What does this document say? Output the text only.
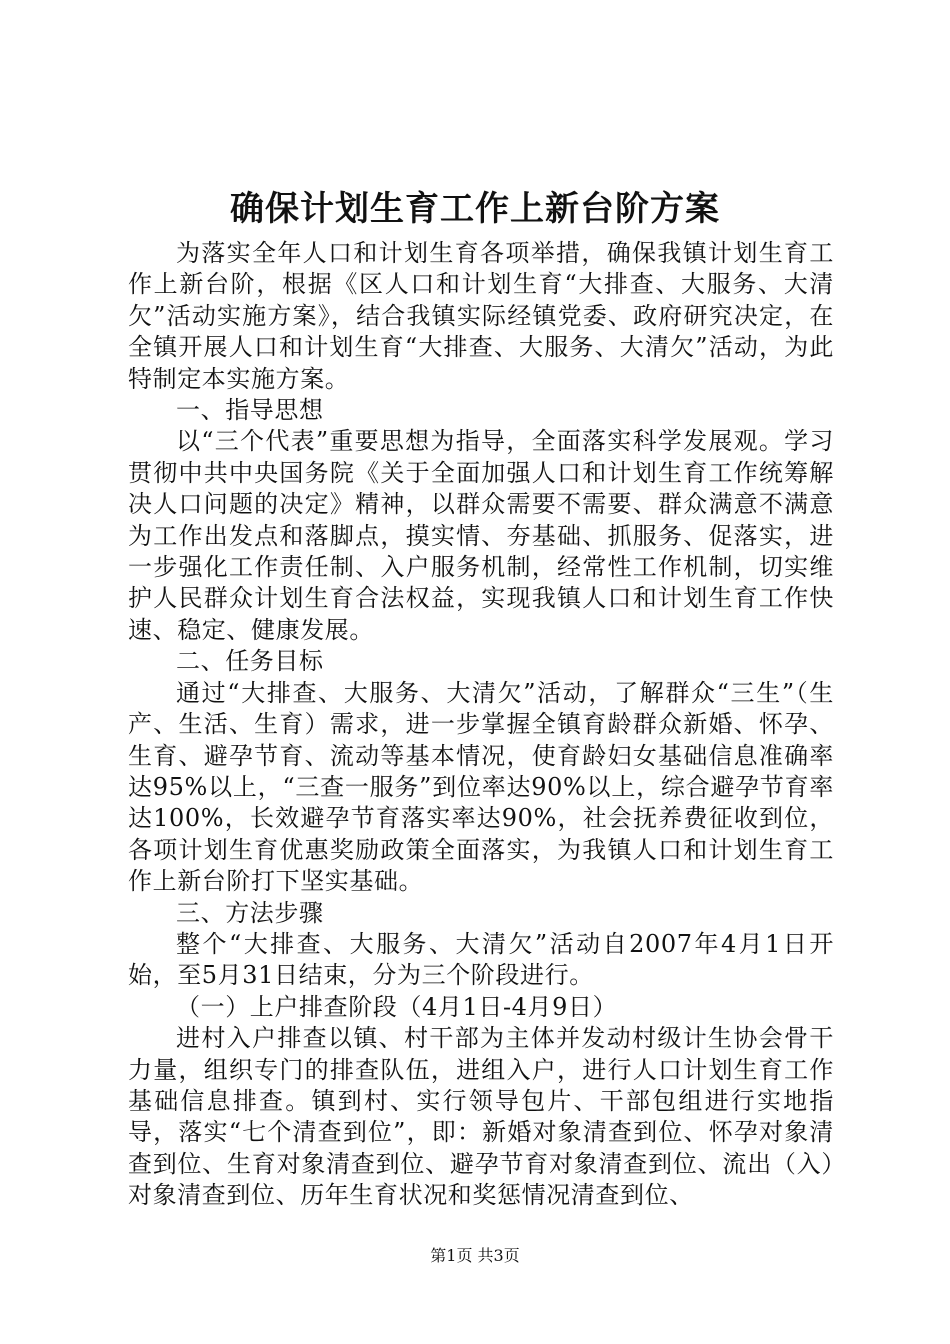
确保计划生育工作上新台阶方案

为落实全年人口和计划生育各项举措，确保我镇计划生育工作上新台阶，根据《区人口和计划生育“大排查、大服务、大清欠”活动实施方案》，结合我镇实际经镇党委、政府研究决定，在全镇开展人口和计划生育“大排查、大服务、大清欠”活动，为此特制定本实施方案。

一、指导思想

以“三个代表”重要思想为指导，全面落实科学发展观。学习贯彻中共中央国务院《关于全面加强人口和计划生育工作统筹解决人口问题的决定》精神，以群众需要不需要、群众满意不满意为工作出发点和落脚点，摸实情、夯基础、抓服务、促落实，进一步强化工作责任制、入户服务机制，经常性工作机制，切实维护人民群众计划生育合法权益，实现我镇人口和计划生育工作快速、稳定、健康发展。

二、任务目标

通过“大排查、大服务、大清欠”活动，了解群众“三生”（生产、生活、生育）需求，进一步掌握全镇育龄群众新婚、怀孕、生育、避孕节育、流动等基本情况，使育龄妇女基础信息准确率达95%以上，“三查一服务”到位率达90%以上，综合避孕节育率达100%，长效避孕节育落实率达90%，社会抚养费征收到位，各项计划生育优惠奖励政策全面落实，为我镇人口和计划生育工作上新台阶打下坚实基础。

三、方法步骤

整个“大排查、大服务、大清欠”活动自2007年4月1日开始，至5月31日结束，分为三个阶段进行。

（一）上户排查阶段（4月1日-4月9日）

进村入户排查以镇、村干部为主体并发动村级计生协会骨干力量，组织专门的排查队伍，进组入户，进行人口计划生育工作基础信息排查。镇到村、实行领导包片、干部包组进行实地指导，落实“七个清查到位”，即：新婚对象清查到位、怀孕对象清查到位、生育对象清查到位、避孕节育对象清查到位、流出（入）对象清查到位、历年生育状况和奖惩情况清查到位、

第1页 共3页
